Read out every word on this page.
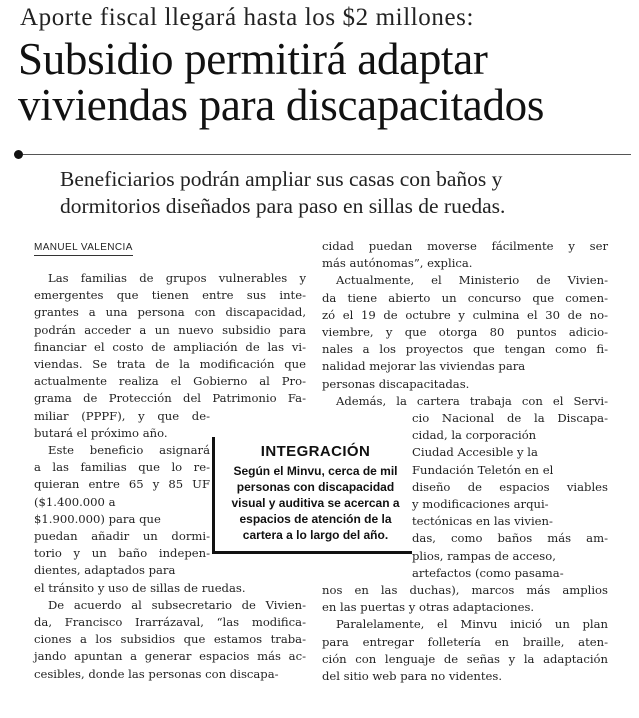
Aporte fiscal llegará hasta los $2 millones:
Subsidio permitirá adaptar
viviendas para discapacitados
Beneficiarios podrán ampliar sus casas con baños y
dormitorios diseñados para paso en sillas de ruedas.
MANUEL VALENCIA

Las familias de grupos vulnerables y
emergentes que tienen entre sus inte-
grantes a una persona con discapacidad,
podrán acceder a un nuevo subsidio para
financiar el costo de ampliación de las vi-
viendas. Se trata de la modificación que
actualmente realiza el Gobierno al Pro-
grama de Protección del Patrimonio Fa-
miliar (PPPF), y que de-
butará el próximo año.

Este beneficio asignará
a las familias que lo re-
quieran entre 65 y 85 UF
($1.400.000 a
$1.900.000) para que
puedan añadir un dormi-
torio y un baño indepen-
dientes, adaptados para
el tránsito y uso de sillas de ruedas.

De acuerdo al subsecretario de Vivien-
da, Francisco Irarrázaval, “las modifica-
ciones a los subsidios que estamos traba-
jando apuntan a generar espacios más ac-
cesibles, donde las personas con discapa-

cidad puedan moverse fácilmente y ser
más autónomas”, explica.

Actualmente, el Ministerio de Vivien-
da tiene abierto un concurso que comen-
zó el 19 de octubre y culmina el 30 de no-
viembre, y que otorga 80 puntos adicio-
nales a los proyectos que tengan como fi-
nalidad mejorar las viviendas para
personas discapacitadas.

Además, la cartera trabaja con el Servi-
cio Nacional de la Discapa-
cidad, la corporación
Ciudad Accesible y la
Fundación Teletón en el
diseño de espacios viables
y modificaciones arqui-
tectónicas en las vivien-
das, como baños más am-
plios, rampas de acceso,
artefactos (como pasama-
nos en las duchas), marcos más amplios
en las puertas y otras adaptaciones.

Paralelamente, el Minvu inició un plan
para entregar folletería en braille, aten-
ción con lenguaje de señas y la adaptación
del sitio web para no videntes.

INTEGRACIÓN
Según el Minvu, cerca de mil personas con discapacidad visual y auditiva se acercan a espacios de atención de la cartera a lo largo del año.
